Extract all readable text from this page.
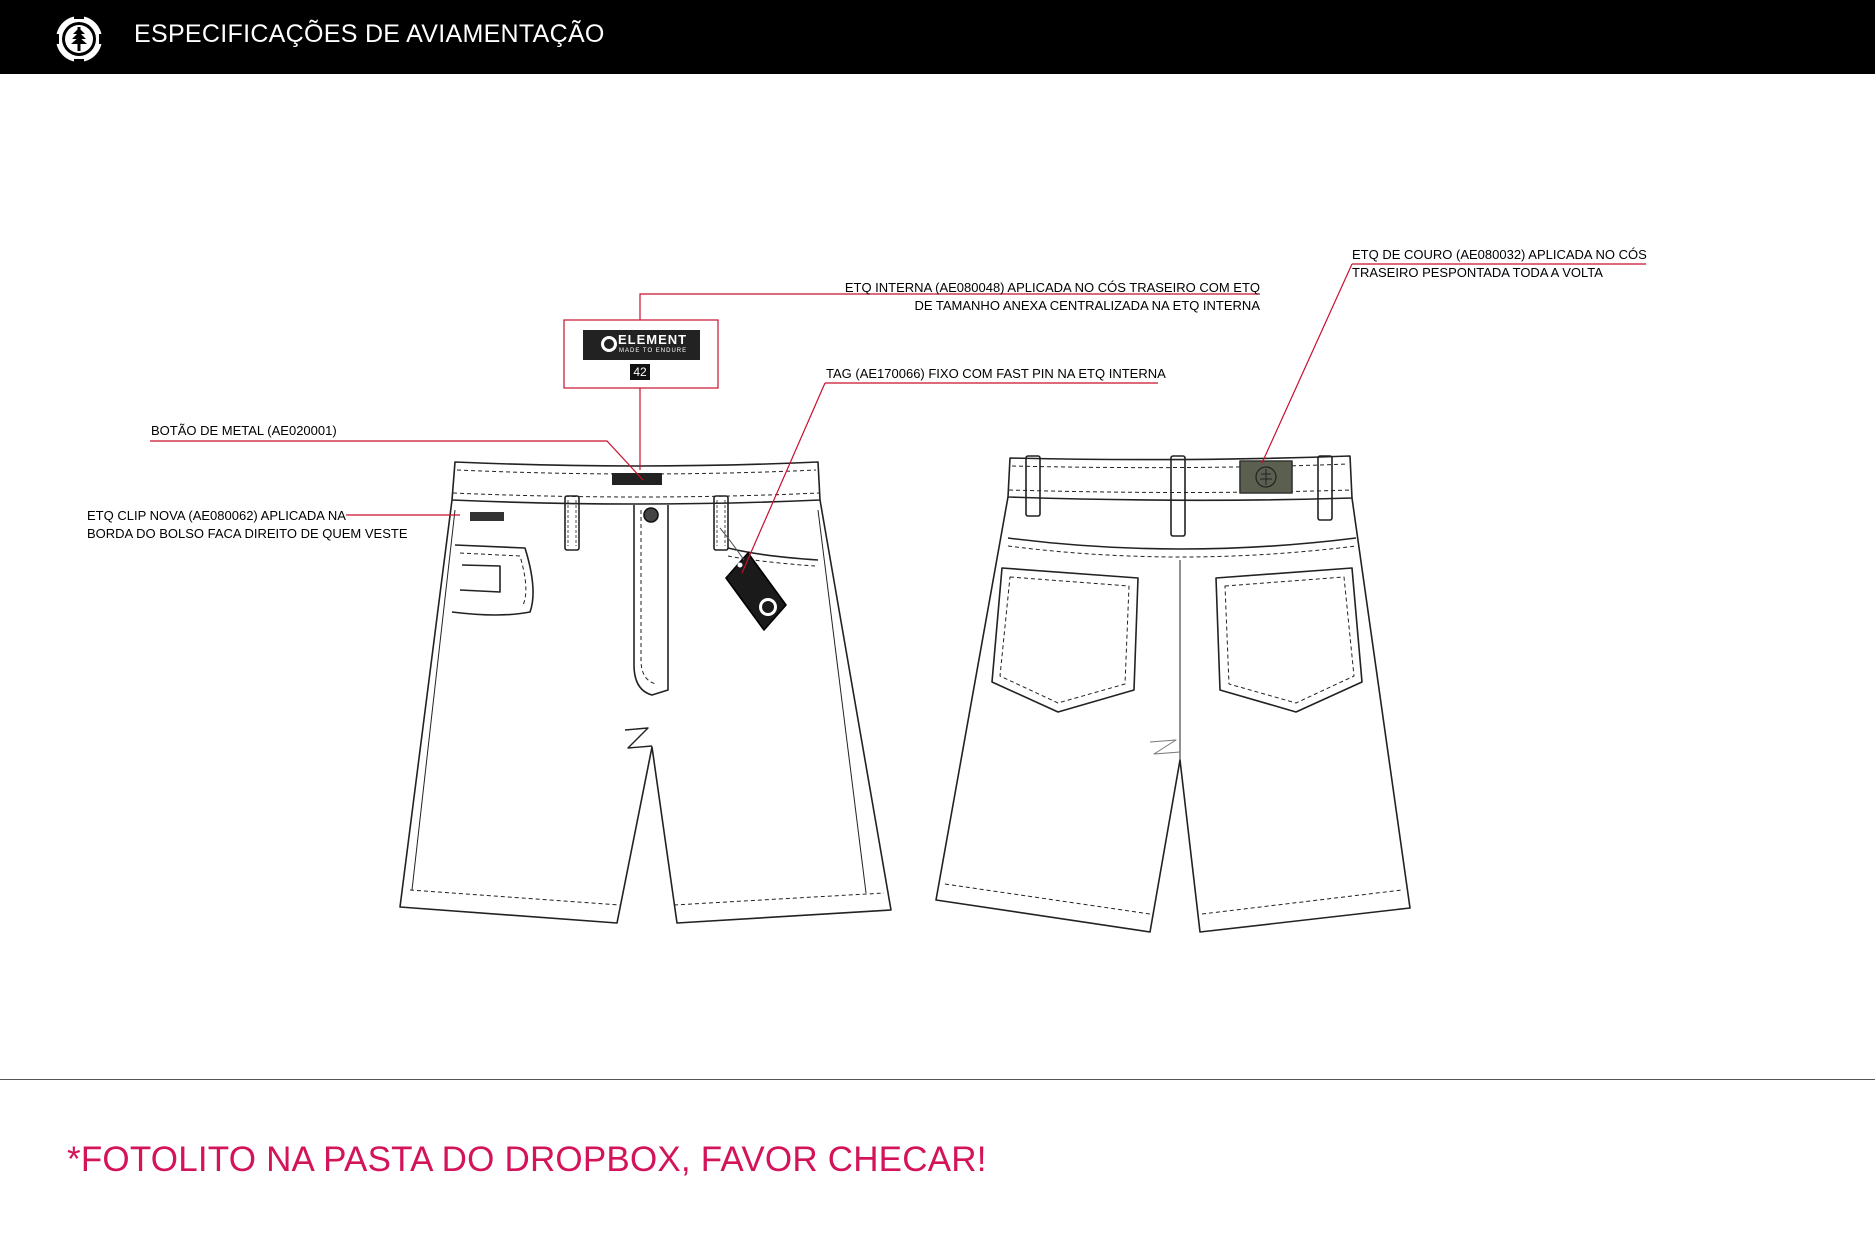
ESPECIFICAÇÕES DE AVIAMENTAÇÃO
ELEMENT
MADE TO ENDURE
42
ETQ INTERNA (AE080048) APLICADA NO CÓS TRASEIRO COM ETQ
DE TAMANHO ANEXA CENTRALIZADA NA ETQ INTERNA
TAG (AE170066) FIXO COM FAST PIN NA ETQ INTERNA
BOTÃO DE METAL (AE020001)
ETQ CLIP NOVA (AE080062) APLICADA NA
BORDA DO BOLSO FACA DIREITO DE QUEM VESTE
ETQ DE COURO (AE080032) APLICADA NO CÓS
TRASEIRO PESPONTADA TODA A VOLTA
*FOTOLITO NA PASTA DO DROPBOX, FAVOR CHECAR!
